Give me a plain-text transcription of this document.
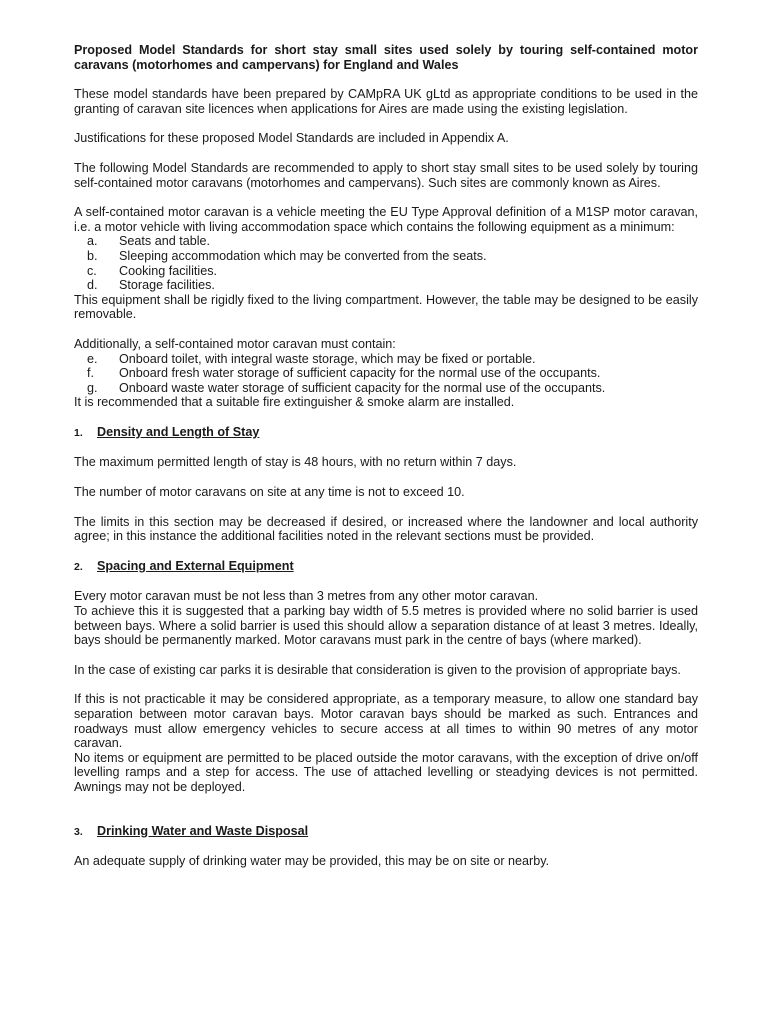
Proposed Model Standards for short stay small sites used solely by touring self-contained motor caravans (motorhomes and campervans) for England and Wales

These model standards have been prepared by CAMpRA UK gLtd as appropriate conditions to be used in the granting of caravan site licences when applications for Aires are made using the existing legislation.

Justifications for these proposed Model Standards are included in Appendix A.

The following Model Standards are recommended to apply to short stay small sites to be used solely by touring self-contained motor caravans (motorhomes and campervans). Such sites are commonly known as Aires.

A self-contained motor caravan is a vehicle meeting the EU Type Approval definition of a M1SP motor caravan, i.e. a motor vehicle with living accommodation space which contains the following equipment as a minimum:

a.	Seats and table.
b.	Sleeping accommodation which may be converted from the seats.
c.	Cooking facilities.
d.	Storage facilities.

This equipment shall be rigidly fixed to the living compartment. However, the table may be designed to be easily removable.

Additionally, a self-contained motor caravan must contain:

e.	Onboard toilet, with integral waste storage, which may be fixed or portable.
f.	Onboard fresh water storage of sufficient capacity for the normal use of the occupants.
g.	Onboard waste water storage of sufficient capacity for the normal use of the occupants.

It is recommended that a suitable fire extinguisher & smoke alarm are installed.

1.	Density and Length of Stay

The maximum permitted length of stay is 48 hours, with no return within 7 days.

The number of motor caravans on site at any time is not to exceed 10.

The limits in this section may be decreased if desired, or increased where the landowner and local authority agree; in this instance the additional facilities noted in the relevant sections must be provided.

2.	Spacing and External Equipment

Every motor caravan must be not less than 3 metres from any other motor caravan.

To achieve this it is suggested that a parking bay width of 5.5 metres is provided where no solid barrier is used between bays. Where a solid barrier is used this should allow a separation distance of at least 3 metres. Ideally, bays should be permanently marked. Motor caravans must park in the centre of bays (where marked).

In the case of existing car parks it is desirable that consideration is given to the provision of appropriate bays.

If this is not practicable it may be considered appropriate, as a temporary measure, to allow one standard bay separation between motor caravan bays. Motor caravan bays should be marked as such. Entrances and roadways must allow emergency vehicles to secure access at all times to within 90 metres of any motor caravan.

No items or equipment are permitted to be placed outside the motor caravans, with the exception of drive on/off levelling ramps and a step for access. The use of attached levelling or steadying devices is not permitted. Awnings may not be deployed.

3.	Drinking Water and Waste Disposal

An adequate supply of drinking water may be provided, this may be on site or nearby.
